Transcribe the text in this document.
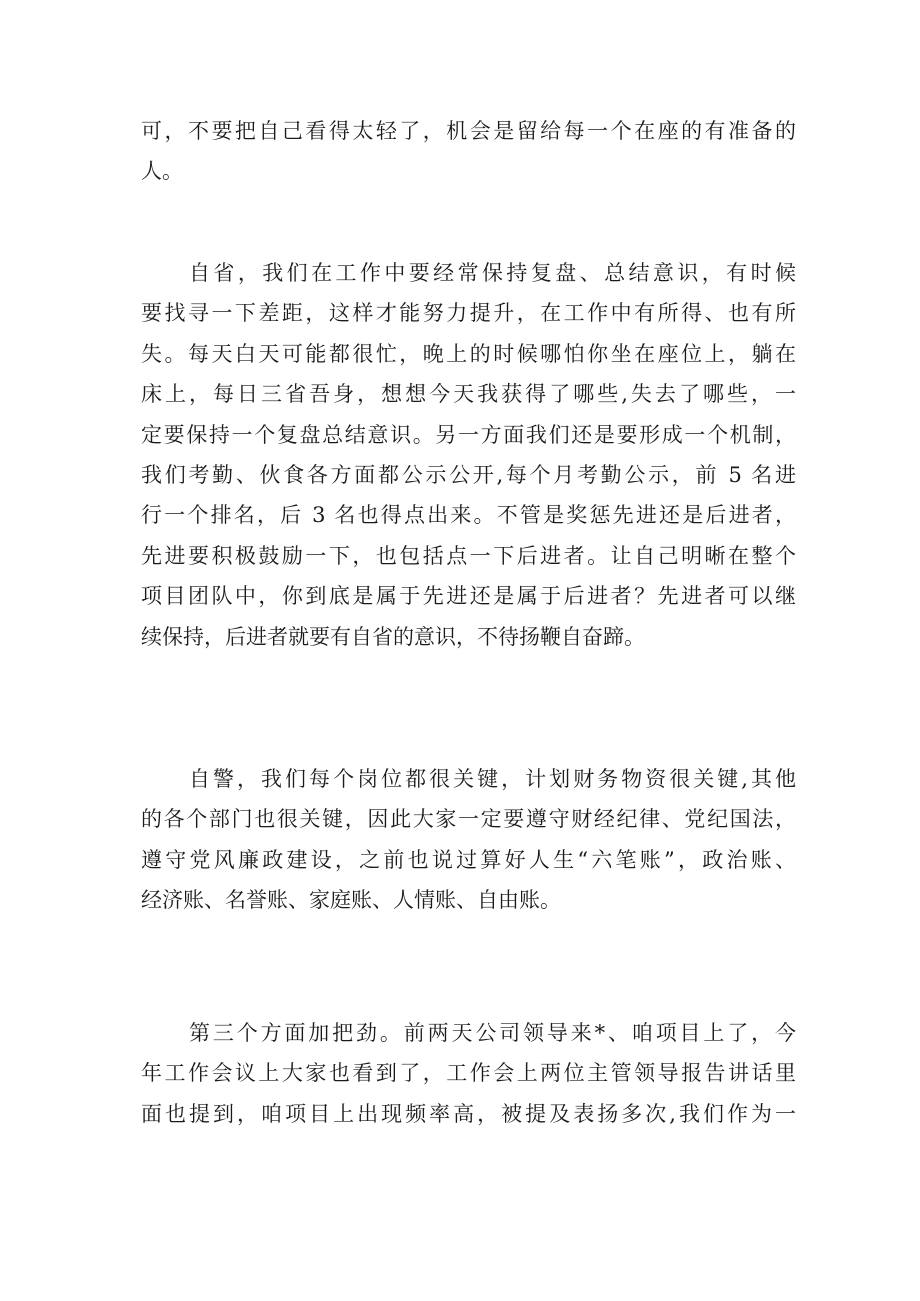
可，不要把自己看得太轻了，机会是留给每一个在座的有准备的
人。

自省，我们在工作中要经常保持复盘、总结意识，有时候
要找寻一下差距，这样才能努力提升，在工作中有所得、也有所
失。每天白天可能都很忙，晚上的时候哪怕你坐在座位上，躺在
床上，每日三省吾身，想想今天我获得了哪些,失去了哪些，一
定要保持一个复盘总结意识。另一方面我们还是要形成一个机制，
我们考勤、伙食各方面都公示公开,每个月考勤公示，前 5 名进
行一个排名，后 3 名也得点出来。不管是奖惩先进还是后进者，
先进要积极鼓励一下，也包括点一下后进者。让自己明晰在整个
项目团队中，你到底是属于先进还是属于后进者？先进者可以继
续保持，后进者就要有自省的意识，不待扬鞭自奋蹄。

自警，我们每个岗位都很关键，计划财务物资很关键,其他
的各个部门也很关键，因此大家一定要遵守财经纪律、党纪国法，
遵守党风廉政建设，之前也说过算好人生“六笔账”，政治账、
经济账、名誉账、家庭账、人情账、自由账。

第三个方面加把劲。前两天公司领导来*、咱项目上了，今
年工作会议上大家也看到了，工作会上两位主管领导报告讲话里
面也提到，咱项目上出现频率高，被提及表扬多次,我们作为一
